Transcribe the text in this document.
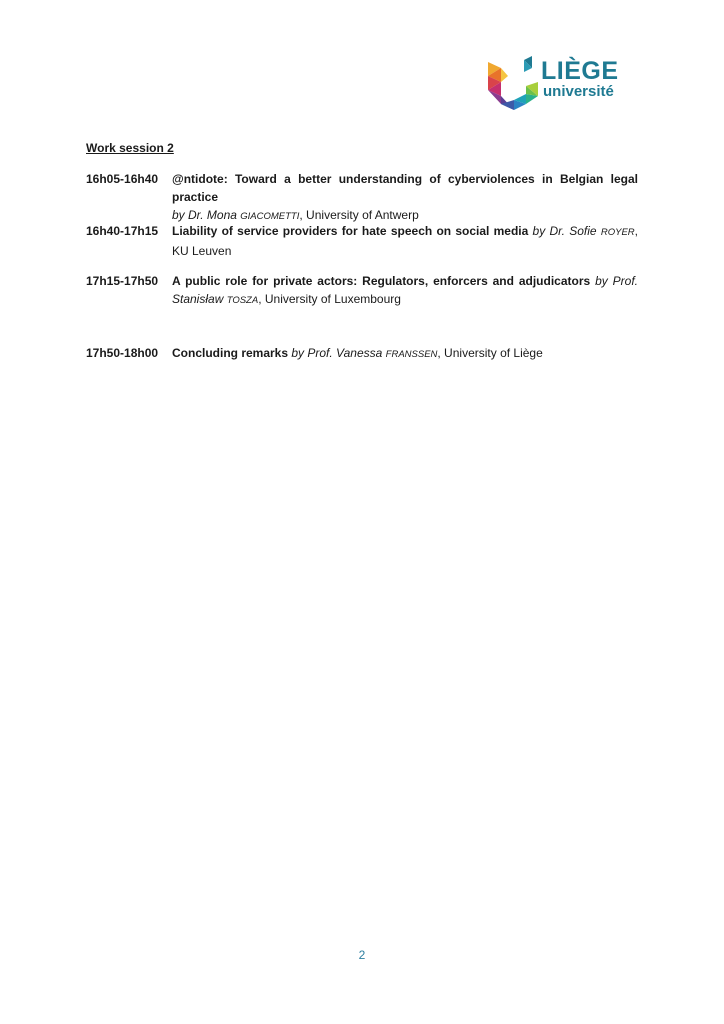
LIÈGE
université
Work session 2
16h05-16h40	@ntidote: Toward a better understanding of cyberviolences in Belgian legal practice
by Dr. Mona GIACOMETTI, University of Antwerp
16h40-17h15	Liability of service providers for hate speech on social media by Dr. Sofie ROYER, KU Leuven
17h15-17h50	A public role for private actors: Regulators, enforcers and adjudicators by Prof. Stanisław TOSZA, University of Luxembourg
17h50-18h00	Concluding remarks by Prof. Vanessa FRANSSEN, University of Liège
2
